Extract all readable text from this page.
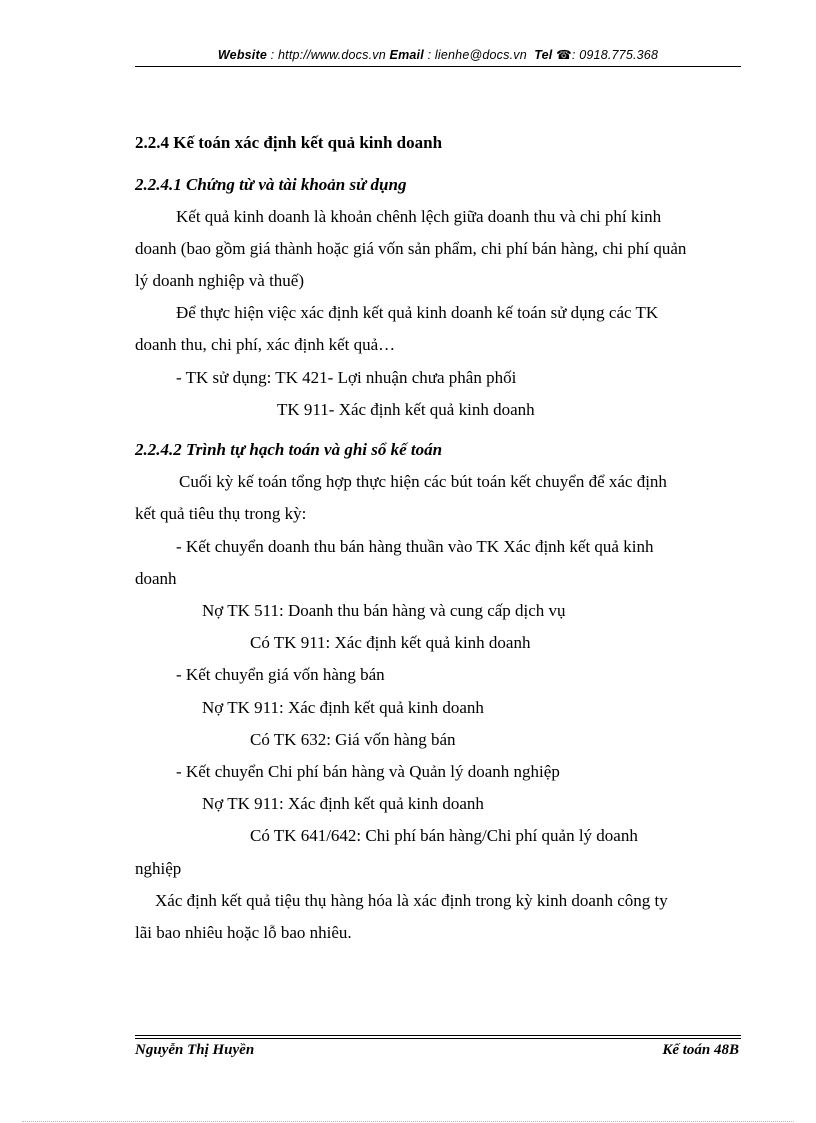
Website : http://www.docs.vn Email : lienhe@docs.vn Tel ☎: 0918.775.368
2.2.4 Kế toán xác định kết quả kinh doanh
2.2.4.1 Chứng từ và tài khoản sử dụng
Kết quả kinh doanh là khoản chênh lệch giữa doanh thu và chi phí kinh
doanh (bao gồm giá thành hoặc giá vốn sản phẩm, chi phí bán hàng, chi phí quản
lý doanh nghiệp và thuế)
Để thực hiện việc xác định kết quả kinh doanh kế toán sử dụng các TK
doanh thu, chi phí, xác định kết quả…
- TK sử dụng: TK 421- Lợi nhuận chưa phân phối
TK 911- Xác định kết quả kinh doanh
2.2.4.2 Trình tự hạch toán và ghi sổ kế toán
Cuối kỳ kế toán tổng hợp thực hiện các bút toán kết chuyển để xác định
kết quả tiêu thụ trong kỳ:
- Kết chuyển doanh thu bán hàng thuần vào TK Xác định kết quả kinh
doanh
Nợ TK 511: Doanh thu bán hàng và cung cấp dịch vụ
Có TK 911: Xác định kết quả kinh doanh
- Kết chuyển giá vốn hàng bán
Nợ TK 911: Xác định kết quả kinh doanh
Có TK 632: Giá vốn hàng bán
- Kết chuyển Chi phí bán hàng và Quản lý doanh nghiệp
Nợ TK 911: Xác định kết quả kinh doanh
Có TK 641/642: Chi phí bán hàng/Chi phí quản lý doanh
nghiệp
Xác định kết quả tiệu thụ hàng hóa là xác định trong kỳ kinh doanh công ty
lãi bao nhiêu hoặc lỗ bao nhiêu.
Nguyễn Thị Huyền	Kế toán 48B
